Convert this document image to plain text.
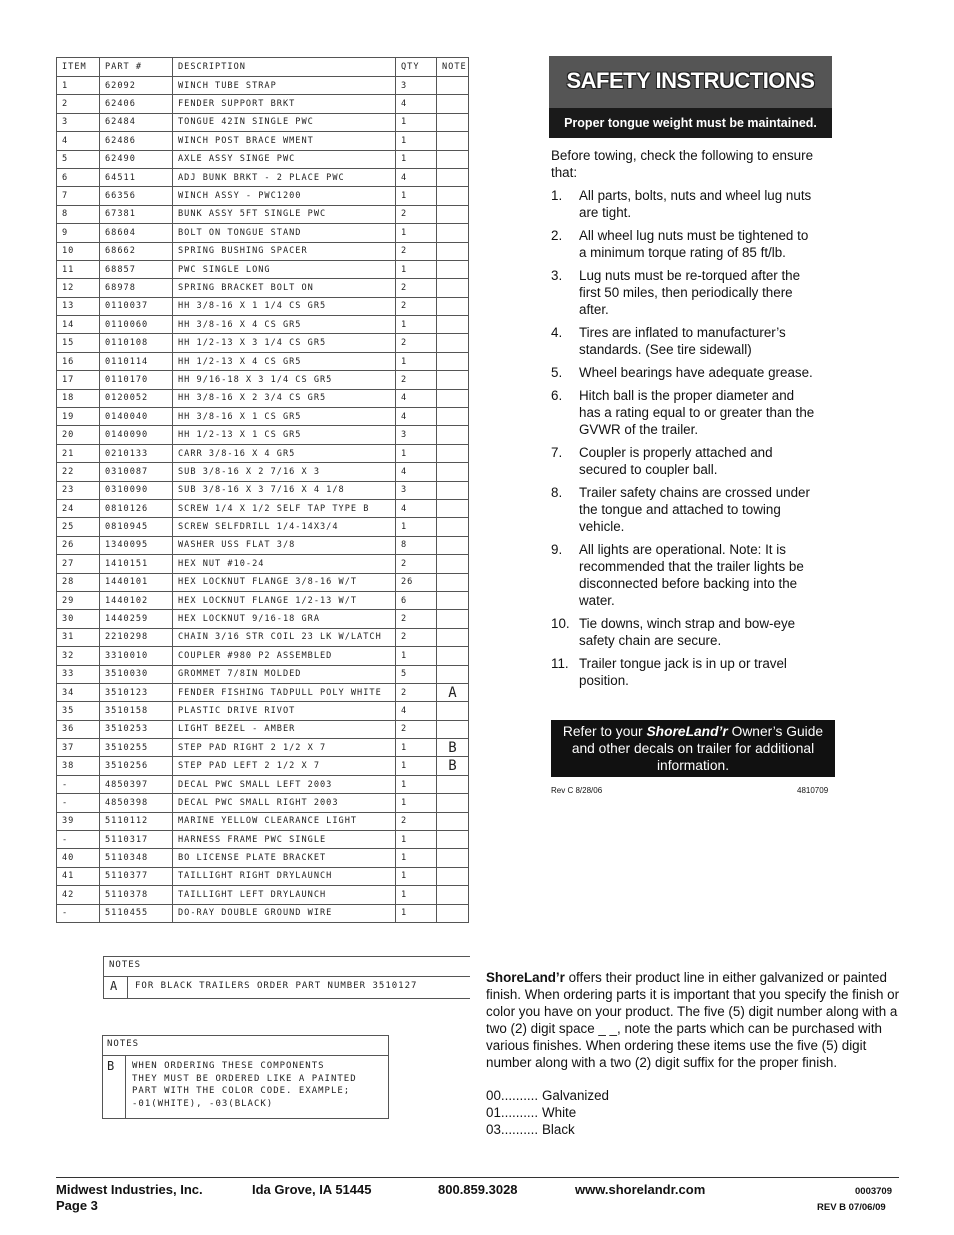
ITEM	PART #	DESCRIPTION	QTY	NOTE
1	62092	WINCH TUBE STRAP	3	
2	62406	FENDER SUPPORT BRKT	4	
3	62484	TONGUE 42IN SINGLE PWC	1	
4	62486	WINCH POST BRACE WMENT	1	
5	62490	AXLE ASSY SINGE PWC	1	
6	64511	ADJ BUNK BRKT - 2 PLACE PWC	4	
7	66356	WINCH ASSY - PWC1200	1	
8	67381	BUNK ASSY 5FT SINGLE PWC	2	
9	68604	BOLT ON TONGUE STAND	1	
10	68662	SPRING BUSHING SPACER	2	
11	68857	PWC SINGLE LONG	1	
12	68978	SPRING BRACKET BOLT ON	2	
13	0110037	HH 3/8-16 X 1 1/4 CS GR5	2	
14	0110060	HH 3/8-16 X 4 CS GR5	1	
15	0110108	HH 1/2-13 X 3 1/4 CS GR5	2	
16	0110114	HH 1/2-13 X 4 CS GR5	1	
17	0110170	HH 9/16-18 X 3 1/4 CS GR5	2	
18	0120052	HH 3/8-16 X 2 3/4 CS GR5	4	
19	0140040	HH 3/8-16 X 1 CS GR5	4	
20	0140090	HH 1/2-13 X 1 CS GR5	3	
21	0210133	CARR 3/8-16 X 4 GR5	1	
22	0310087	SUB 3/8-16 X 2 7/16 X 3	4	
23	0310090	SUB 3/8-16 X 3 7/16 X 4 1/8	3	
24	0810126	SCREW 1/4 X 1/2 SELF TAP TYPE B	4	
25	0810945	SCREW SELFDRILL 1/4-14X3/4	1	
26	1340095	WASHER USS FLAT 3/8	8	
27	1410151	HEX NUT #10-24	2	
28	1440101	HEX LOCKNUT FLANGE 3/8-16 W/T	26	
29	1440102	HEX LOCKNUT FLANGE 1/2-13 W/T	6	
30	1440259	HEX LOCKNUT 9/16-18 GRA	2	
31	2210298	CHAIN 3/16 STR COIL 23 LK W/LATCH	2	
32	3310010	COUPLER #980 P2 ASSEMBLED	1	
33	3510030	GROMMET 7/8IN MOLDED	5	
34	3510123	FENDER FISHING TADPULL POLY WHITE	2	A
35	3510158	PLASTIC DRIVE RIVOT	4	
36	3510253	LIGHT BEZEL - AMBER	2	
37	3510255	STEP PAD RIGHT 2 1/2 X 7	1	B
38	3510256	STEP PAD LEFT 2 1/2 X 7	1	B
-	4850397	DECAL PWC SMALL LEFT 2003	1	
-	4850398	DECAL PWC SMALL RIGHT 2003	1	
39	5110112	MARINE YELLOW CLEARANCE LIGHT	2	
-	5110317	HARNESS FRAME PWC SINGLE	1	
40	5110348	BO LICENSE PLATE BRACKET	1	
41	5110377	TAILLIGHT RIGHT DRYLAUNCH	1	
42	5110378	TAILLIGHT LEFT DRYLAUNCH	1	
-	5110455	DO-RAY DOUBLE GROUND WIRE	1	
NOTES
A FOR BLACK TRAILERS ORDER PART NUMBER 3510127
NOTES
B WHEN ORDERING THESE COMPONENTS
THEY MUST BE ORDERED LIKE A PAINTED
PART WITH THE COLOR CODE. EXAMPLE;
-01(WHITE), -03(BLACK)
SAFETY INSTRUCTIONS
Proper tongue weight must be maintained.

Before towing, check the following to ensure that:

1. All parts, bolts, nuts and wheel lug nuts are tight.
2. All wheel lug nuts must be tightened to a minimum torque rating of 85 ft/lb.
3. Lug nuts must be re-torqued after the first 50 miles, then periodically there after.
4. Tires are inflated to manufacturer’s standards. (See tire sidewall)
5. Wheel bearings have adequate grease.
6. Hitch ball is the proper diameter and has a rating equal to or greater than the GVWR of the trailer.
7. Coupler is properly attached and secured to coupler ball.
8. Trailer safety chains are crossed under the tongue and attached to towing vehicle.
9. All lights are operational. Note: It is recommended that the trailer lights be disconnected before backing into the water.
10. Tie downs, winch strap and bow-eye safety chain are secure.
11. Trailer tongue jack is in up or travel position.
Refer to your ShoreLand’r Owner’s Guide and other decals on trailer for additional information.
Rev C 8/28/06	4810709

ShoreLand’r offers their product line in either galvanized or painted finish. When ordering parts it is important that you specify the finish or color you have on your product. The five (5) digit number along with a two (2) digit space _ _, note the parts which can be purchased with various finishes. When ordering these items use the five (5) digit number along with a two (2) digit suffix for the proper finish.

00.......... Galvanized
01.......... White
03.......... Black
Midwest Industries, Inc.
Page 3
Ida Grove, IA 51445	800.859.3028	www.shorelandr.com	0003709
REV B 07/06/09
